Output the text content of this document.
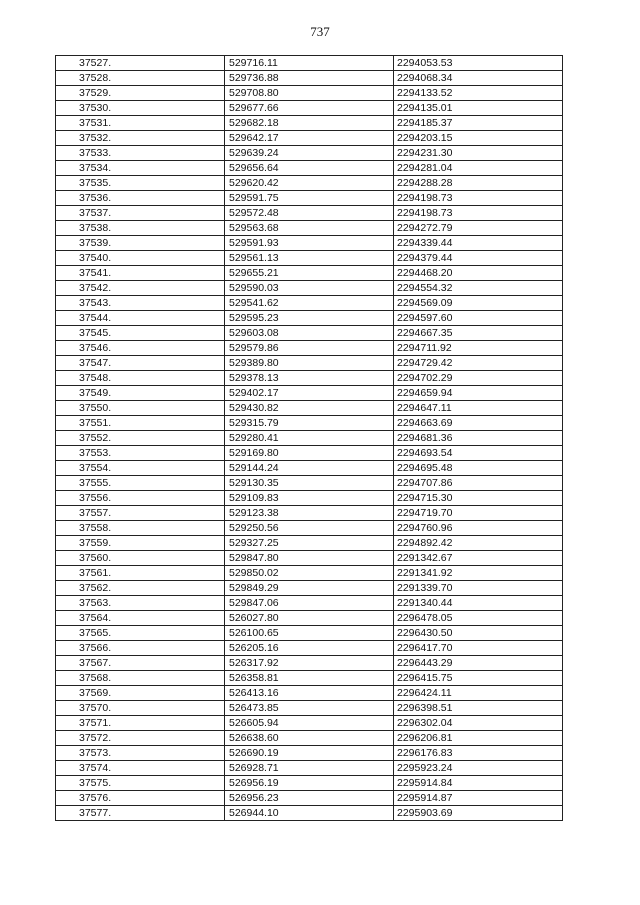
737
37527.	529716.11	2294053.53
37528.	529736.88	2294068.34
37529.	529708.80	2294133.52
37530.	529677.66	2294135.01
37531.	529682.18	2294185.37
37532.	529642.17	2294203.15
37533.	529639.24	2294231.30
37534.	529656.64	2294281.04
37535.	529620.42	2294288.28
37536.	529591.75	2294198.73
37537.	529572.48	2294198.73
37538.	529563.68	2294272.79
37539.	529591.93	2294339.44
37540.	529561.13	2294379.44
37541.	529655.21	2294468.20
37542.	529590.03	2294554.32
37543.	529541.62	2294569.09
37544.	529595.23	2294597.60
37545.	529603.08	2294667.35
37546.	529579.86	2294711.92
37547.	529389.80	2294729.42
37548.	529378.13	2294702.29
37549.	529402.17	2294659.94
37550.	529430.82	2294647.11
37551.	529315.79	2294663.69
37552.	529280.41	2294681.36
37553.	529169.80	2294693.54
37554.	529144.24	2294695.48
37555.	529130.35	2294707.86
37556.	529109.83	2294715.30
37557.	529123.38	2294719.70
37558.	529250.56	2294760.96
37559.	529327.25	2294892.42
37560.	529847.80	2291342.67
37561.	529850.02	2291341.92
37562.	529849.29	2291339.70
37563.	529847.06	2291340.44
37564.	526027.80	2296478.05
37565.	526100.65	2296430.50
37566.	526205.16	2296417.70
37567.	526317.92	2296443.29
37568.	526358.81	2296415.75
37569.	526413.16	2296424.11
37570.	526473.85	2296398.51
37571.	526605.94	2296302.04
37572.	526638.60	2296206.81
37573.	526690.19	2296176.83
37574.	526928.71	2295923.24
37575.	526956.19	2295914.84
37576.	526956.23	2295914.87
37577.	526944.10	2295903.69
